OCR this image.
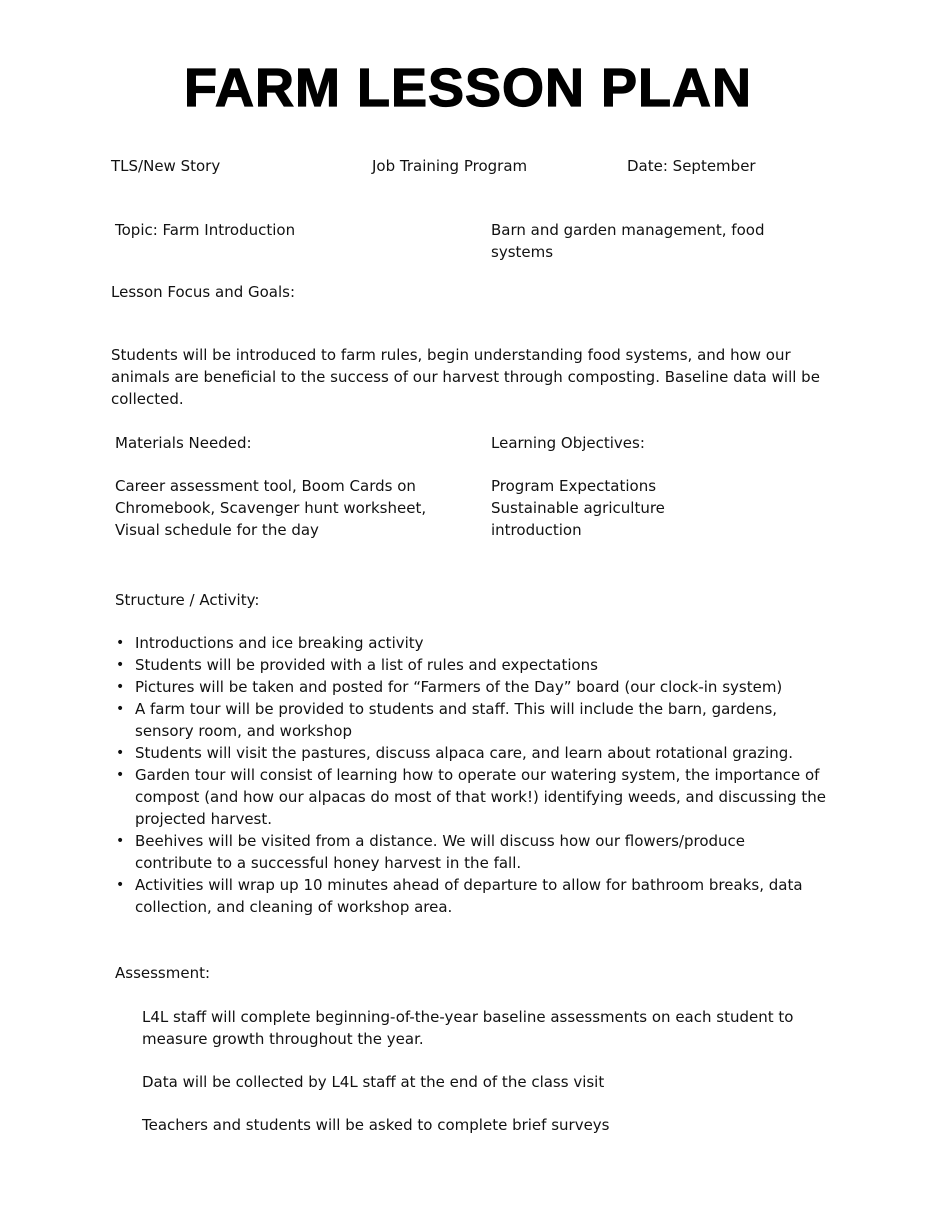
FARM LESSON PLAN
TLS/New Story	Job Training Program	Date: September
Topic: Farm Introduction	Barn and garden management, food systems
Lesson Focus and Goals:
Students will be introduced to farm rules, begin understanding food systems, and how our animals are beneficial to the success of our harvest through composting. Baseline data will be collected.
Materials Needed:
Career assessment tool, Boom Cards on Chromebook, Scavenger hunt worksheet, Visual schedule for the day
Learning Objectives:
Program Expectations
Sustainable agriculture introduction
Structure / Activity:
• Introductions and ice breaking activity
• Students will be provided with a list of rules and expectations
• Pictures will be taken and posted for “Farmers of the Day” board (our clock-in system)
• A farm tour will be provided to students and staff. This will include the barn, gardens, sensory room, and workshop
• Students will visit the pastures, discuss alpaca care, and learn about rotational grazing.
• Garden tour will consist of learning how to operate our watering system, the importance of compost (and how our alpacas do most of that work!) identifying weeds, and discussing the projected harvest.
• Beehives will be visited from a distance. We will discuss how our flowers/produce contribute to a successful honey harvest in the fall.
• Activities will wrap up 10 minutes ahead of departure to allow for bathroom breaks, data collection, and cleaning of workshop area.
Assessment:
L4L staff will complete beginning-of-the-year baseline assessments on each student to measure growth throughout the year.
Data will be collected by L4L staff at the end of the class visit
Teachers and students will be asked to complete brief surveys
